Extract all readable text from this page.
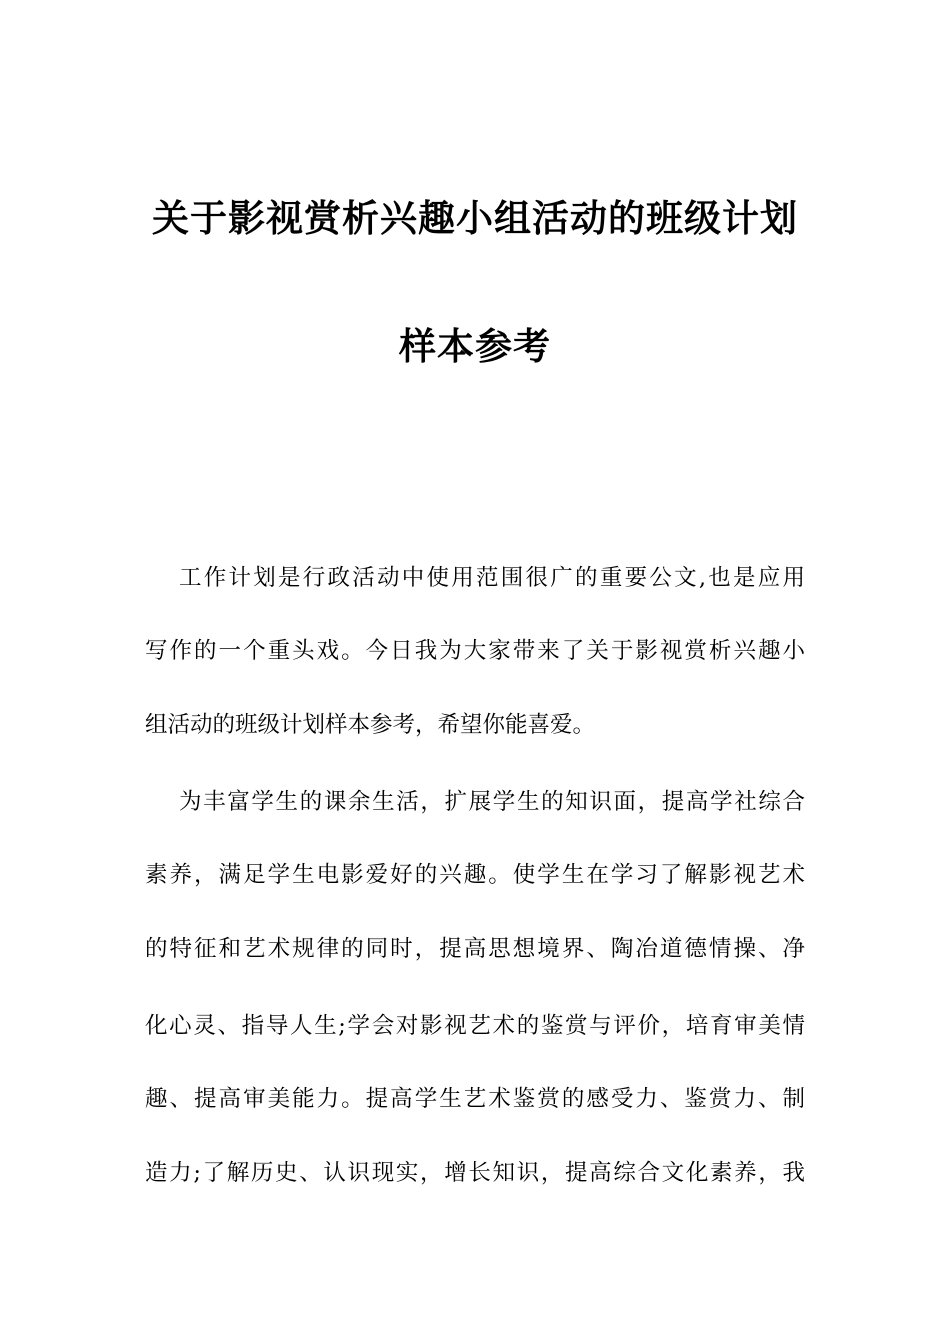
关于影视赏析兴趣小组活动的班级计划
样本参考
工作计划是行政活动中使用范围很广的重要公文,也是应用
写作的一个重头戏。今日我为大家带来了关于影视赏析兴趣小
组活动的班级计划样本参考，希望你能喜爱。
为丰富学生的课余生活，扩展学生的知识面，提高学社综合
素养，满足学生电影爱好的兴趣。使学生在学习了解影视艺术
的特征和艺术规律的同时，提高思想境界、陶冶道德情操、净
化心灵、指导人生;学会对影视艺术的鉴赏与评价，培育审美情
趣、提高审美能力。提高学生艺术鉴赏的感受力、鉴赏力、制
造力;了解历史、认识现实，增长知识，提高综合文化素养，我
